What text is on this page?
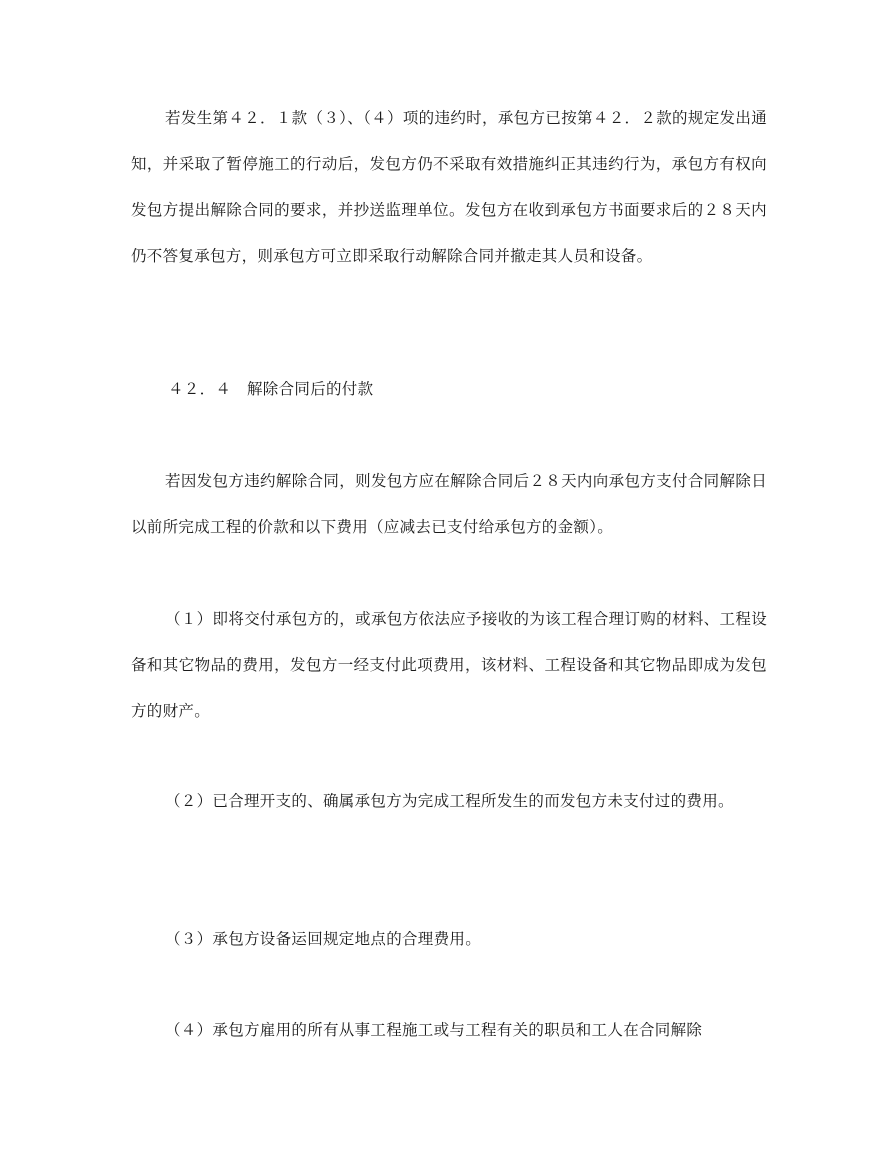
若发生第４２．１款（３）、（４）项的违约时，承包方已按第４２．２款的规定发出通知，并采取了暂停施工的行动后，发包方仍不采取有效措施纠正其违约行为，承包方有权向发包方提出解除合同的要求，并抄送监理单位。发包方在收到承包方书面要求后的２８天内仍不答复承包方，则承包方可立即采取行动解除合同并撤走其人员和设备。

４２．４　解除合同后的付款

若因发包方违约解除合同，则发包方应在解除合同后２８天内向承包方支付合同解除日以前所完成工程的价款和以下费用（应减去已支付给承包方的金额）。

（１）即将交付承包方的，或承包方依法应予接收的为该工程合理订购的材料、工程设备和其它物品的费用，发包方一经支付此项费用，该材料、工程设备和其它物品即成为发包方的财产。

（２）已合理开支的、确属承包方为完成工程所发生的而发包方未支付过的费用。

（３）承包方设备运回规定地点的合理费用。

（４）承包方雇用的所有从事工程施工或与工程有关的职员和工人在合同解除
